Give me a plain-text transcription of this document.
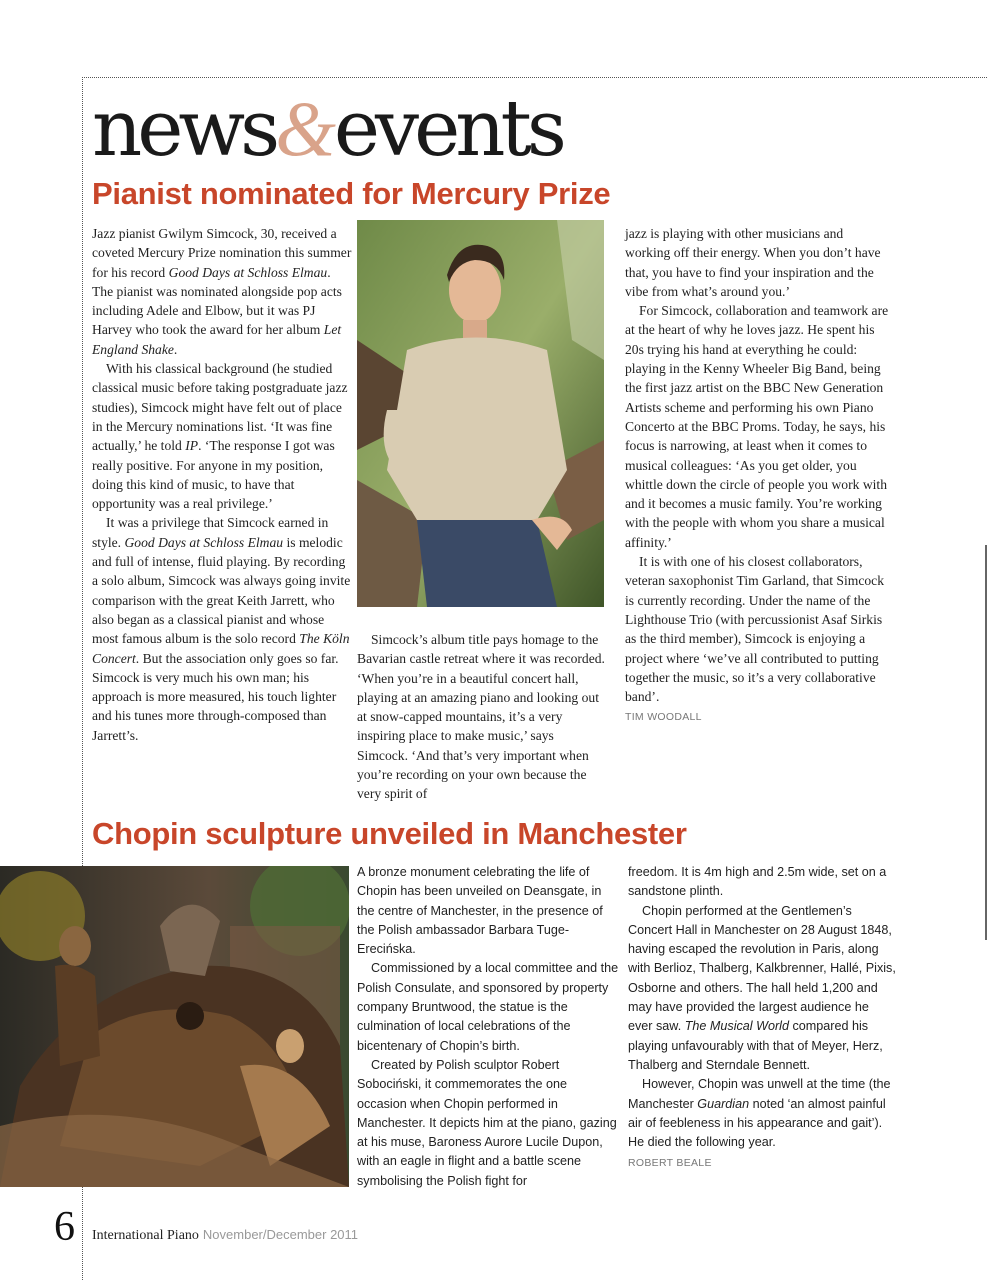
news&events
Pianist nominated for Mercury Prize

Jazz pianist Gwilym Simcock, 30, received a coveted Mercury Prize nomination this summer for his record Good Days at Schloss Elmau. The pianist was nominated alongside pop acts including Adele and Elbow, but it was PJ Harvey who took the award for her album Let England Shake.

With his classical background (he studied classical music before taking postgraduate jazz studies), Simcock might have felt out of place in the Mercury nominations list. ‘It was fine actually,’ he told IP. ‘The response I got was really positive. For anyone in my position, doing this kind of music, to have that opportunity was a real privilege.’

It was a privilege that Simcock earned in style. Good Days at Schloss Elmau is melodic and full of intense, fluid playing. By recording a solo album, Simcock was always going invite comparison with the great Keith Jarrett, who also began as a classical pianist and whose most famous album is the solo record The Köln Concert. But the association only goes so far. Simcock is very much his own man; his approach is more measured, his touch lighter and his tunes more through-composed than Jarrett’s.

Simcock’s album title pays homage to the Bavarian castle retreat where it was recorded. ‘When you’re in a beautiful concert hall, playing at an amazing piano and looking out at snow-capped mountains, it’s a very inspiring place to make music,’ says Simcock. ‘And that’s very important when you’re recording on your own because the very spirit of

jazz is playing with other musicians and working off their energy. When you don’t have that, you have to find your inspiration and the vibe from what’s around you.’

For Simcock, collaboration and teamwork are at the heart of why he loves jazz. He spent his 20s trying his hand at everything he could: playing in the Kenny Wheeler Big Band, being the first jazz artist on the BBC New Generation Artists scheme and performing his own Piano Concerto at the BBC Proms. Today, he says, his focus is narrowing, at least when it comes to musical colleagues: ‘As you get older, you whittle down the circle of people you work with and it becomes a music family. You’re working with the people with whom you share a musical affinity.’

It is with one of his closest collaborators, veteran saxophonist Tim Garland, that Simcock is currently recording. Under the name of the Lighthouse Trio (with percussionist Asaf Sirkis as the third member), Simcock is enjoying a project where ‘we’ve all contributed to putting together the music, so it’s a very collaborative band’.

TIM WOODALL
Chopin sculpture unveiled in Manchester

A bronze monument celebrating the life of Chopin has been unveiled on Deansgate, in the centre of Manchester, in the presence of the Polish ambassador Barbara Tuge-Erecińska.

Commissioned by a local committee and the Polish Consulate, and sponsored by property company Bruntwood, the statue is the culmination of local celebrations of the bicentenary of Chopin’s birth.

Created by Polish sculptor Robert Sobociński, it commemorates the one occasion when Chopin performed in Manchester. It depicts him at the piano, gazing at his muse, Baroness Aurore Lucile Dupon, with an eagle in flight and a battle scene symbolising the Polish fight for

freedom. It is 4m high and 2.5m wide, set on a sandstone plinth.

Chopin performed at the Gentlemen’s Concert Hall in Manchester on 28 August 1848, having escaped the revolution in Paris, along with Berlioz, Thalberg, Kalkbrenner, Hallé, Pixis, Osborne and others. The hall held 1,200 and may have provided the largest audience he ever saw. The Musical World compared his playing unfavourably with that of Meyer, Herz, Thalberg and Sterndale Bennett.

However, Chopin was unwell at the time (the Manchester Guardian noted ‘an almost painful air of feebleness in his appearance and gait’). He died the following year.

ROBERT BEALE
6 International Piano November/December 2011
